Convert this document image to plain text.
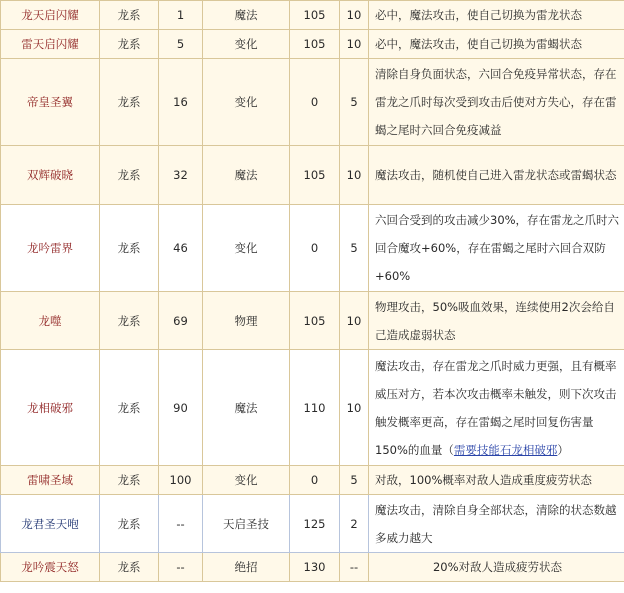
龙天启闪耀	龙系	1	魔法	105	10	必中，魔法攻击，使自己切换为雷龙状态
雷天启闪耀	龙系	5	变化	105	10	必中，魔法攻击，使自己切换为雷蝎状态
帝皇圣翼	龙系	16	变化	0	5	清除自身负面状态，六回合免疫异常状态，存在雷龙之爪时每次受到攻击后使对方失心，存在雷蝎之尾时六回合免疫减益
双辉破晓	龙系	32	魔法	105	10	魔法攻击，随机使自己进入雷龙状态或雷蝎状态
龙吟雷界	龙系	46	变化	0	5	六回合受到的攻击减少30%，存在雷龙之爪时六回合魔攻+60%，存在雷蝎之尾时六回合双防+60%
龙噬	龙系	69	物理	105	10	物理攻击，50%吸血效果，连续使用2次会给自己造成虚弱状态
龙相破邪	龙系	90	魔法	110	10	魔法攻击，存在雷龙之爪时威力更强，且有概率威压对方，若本次攻击概率未触发，则下次攻击触发概率更高，存在雷蝎之尾时回复伤害量150%的血量（需要技能石龙相破邪）
雷啸圣域	龙系	100	变化	0	5	对敌，100%概率对敌人造成重度疲劳状态
龙君圣天咆	龙系	--	天启圣技	125	2	魔法攻击，清除自身全部状态，清除的状态数越多威力越大
龙吟震天怒	龙系	--	绝招	130	--	20%对敌人造成疲劳状态
